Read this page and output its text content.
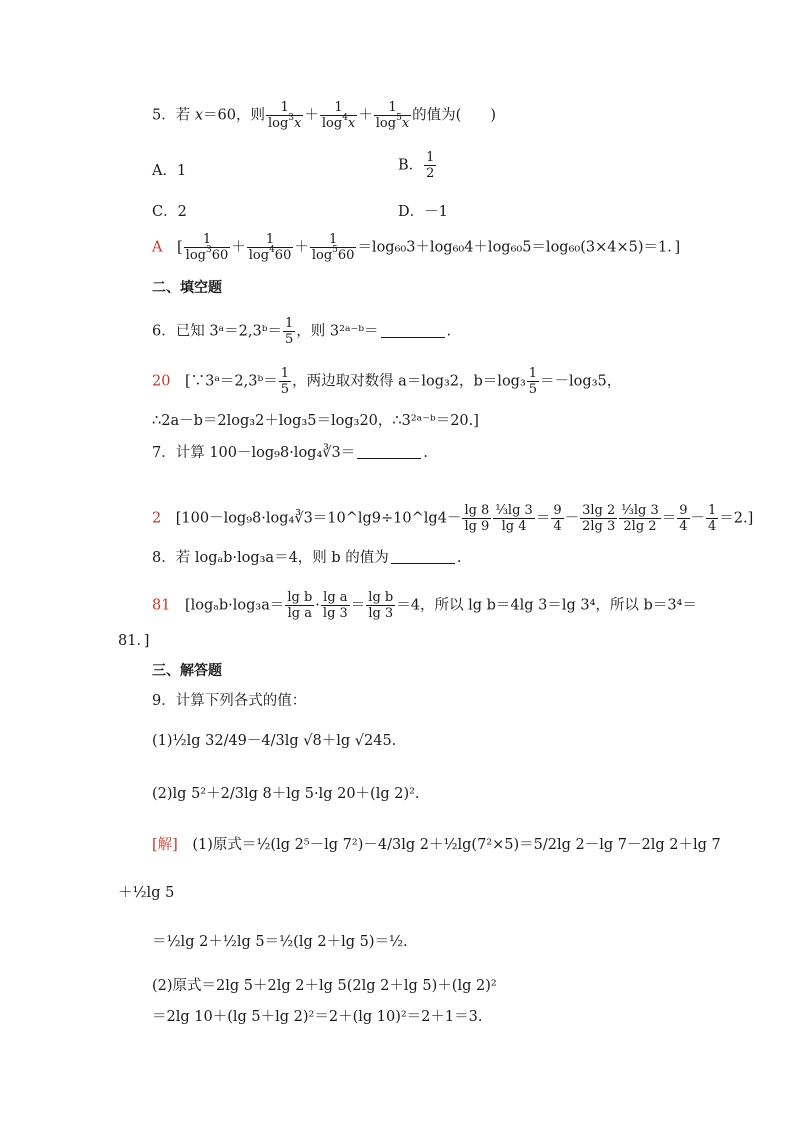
5．若 x＝60，则 $\frac{1}{\log^3x} + \frac{1}{\log^4x} + \frac{1}{\log^5x}$ 的值为(　　)
A．1	B． $\frac{1}{2}$
C．2	D．－1
A　[ $\frac{1}{\log^360} + \frac{1}{\log^460} + \frac{1}{\log^560} =\log_{60}3+\log_{60}4+\log_{60}5=\log_{60}(3\times 4\times 5)=1$．]
二、填空题
6．已知 3ᵃ＝2,3ᵇ＝ $\frac{1}{5}$ ，则 3²ᵃ⁻ᵇ＝	.
20　 [∵3ᵃ＝2,3ᵇ＝ $\frac{1}{5}$ ，两边取对数得 a＝log₃2，$b=\log_3 \frac{1}{5} =-\log_35$，
∴2a－b＝2log₃2＋log₃5＝log₃20，∴3²ᵃ⁻ᵇ＝20.]
7．计算 100－log₉8·log₄∛3＝	.
2　 [100－log₉8·log₄∛3＝10^lg9÷10^lg4－ $\frac{\lg 8}{\lg 9} \frac{\text{⅓lg 3}}{\lg 4} = \frac{9}{4} - \frac{3\lg 2}{2\lg 3} \frac{\text{⅓lg 3}}{2\lg 2} = \frac{9}{4} - \frac{1}{4} =2$.]
8．若 logₐb·log₃a＝4，则 b 的值为	.
81　 [$\log_ab\cdot\log_3a= \frac{\text{lg b}}{\text{lg a}} \cdot \frac{\text{lg a}}{\lg 3} = \frac{\text{lg b}}{\lg 3} =4$，所以 lg b＝4lg 3＝lg 3⁴，所以 b＝3⁴＝
81．]
三、解答题
9．计算下列各式的值：
(1)½lg 32/49－4/3lg √8＋lg √245.
(2)lg 5²＋2/3lg 8＋lg 5·lg 20＋(lg 2)².
[解]　 (1)原式＝½(lg 2⁵－lg 7²)－4/3lg 2＋½lg(7²×5)＝5/2lg 2－lg 7－2lg 2＋lg 7
＋½lg 5
＝½lg 2＋½lg 5＝½(lg 2＋lg 5)＝½.
(2)原式＝2lg 5＋2lg 2＋lg 5(2lg 2＋lg 5)＋(lg 2)²
＝2lg 10＋(lg 5＋lg 2)²＝2＋(lg 10)²＝2＋1＝3.
